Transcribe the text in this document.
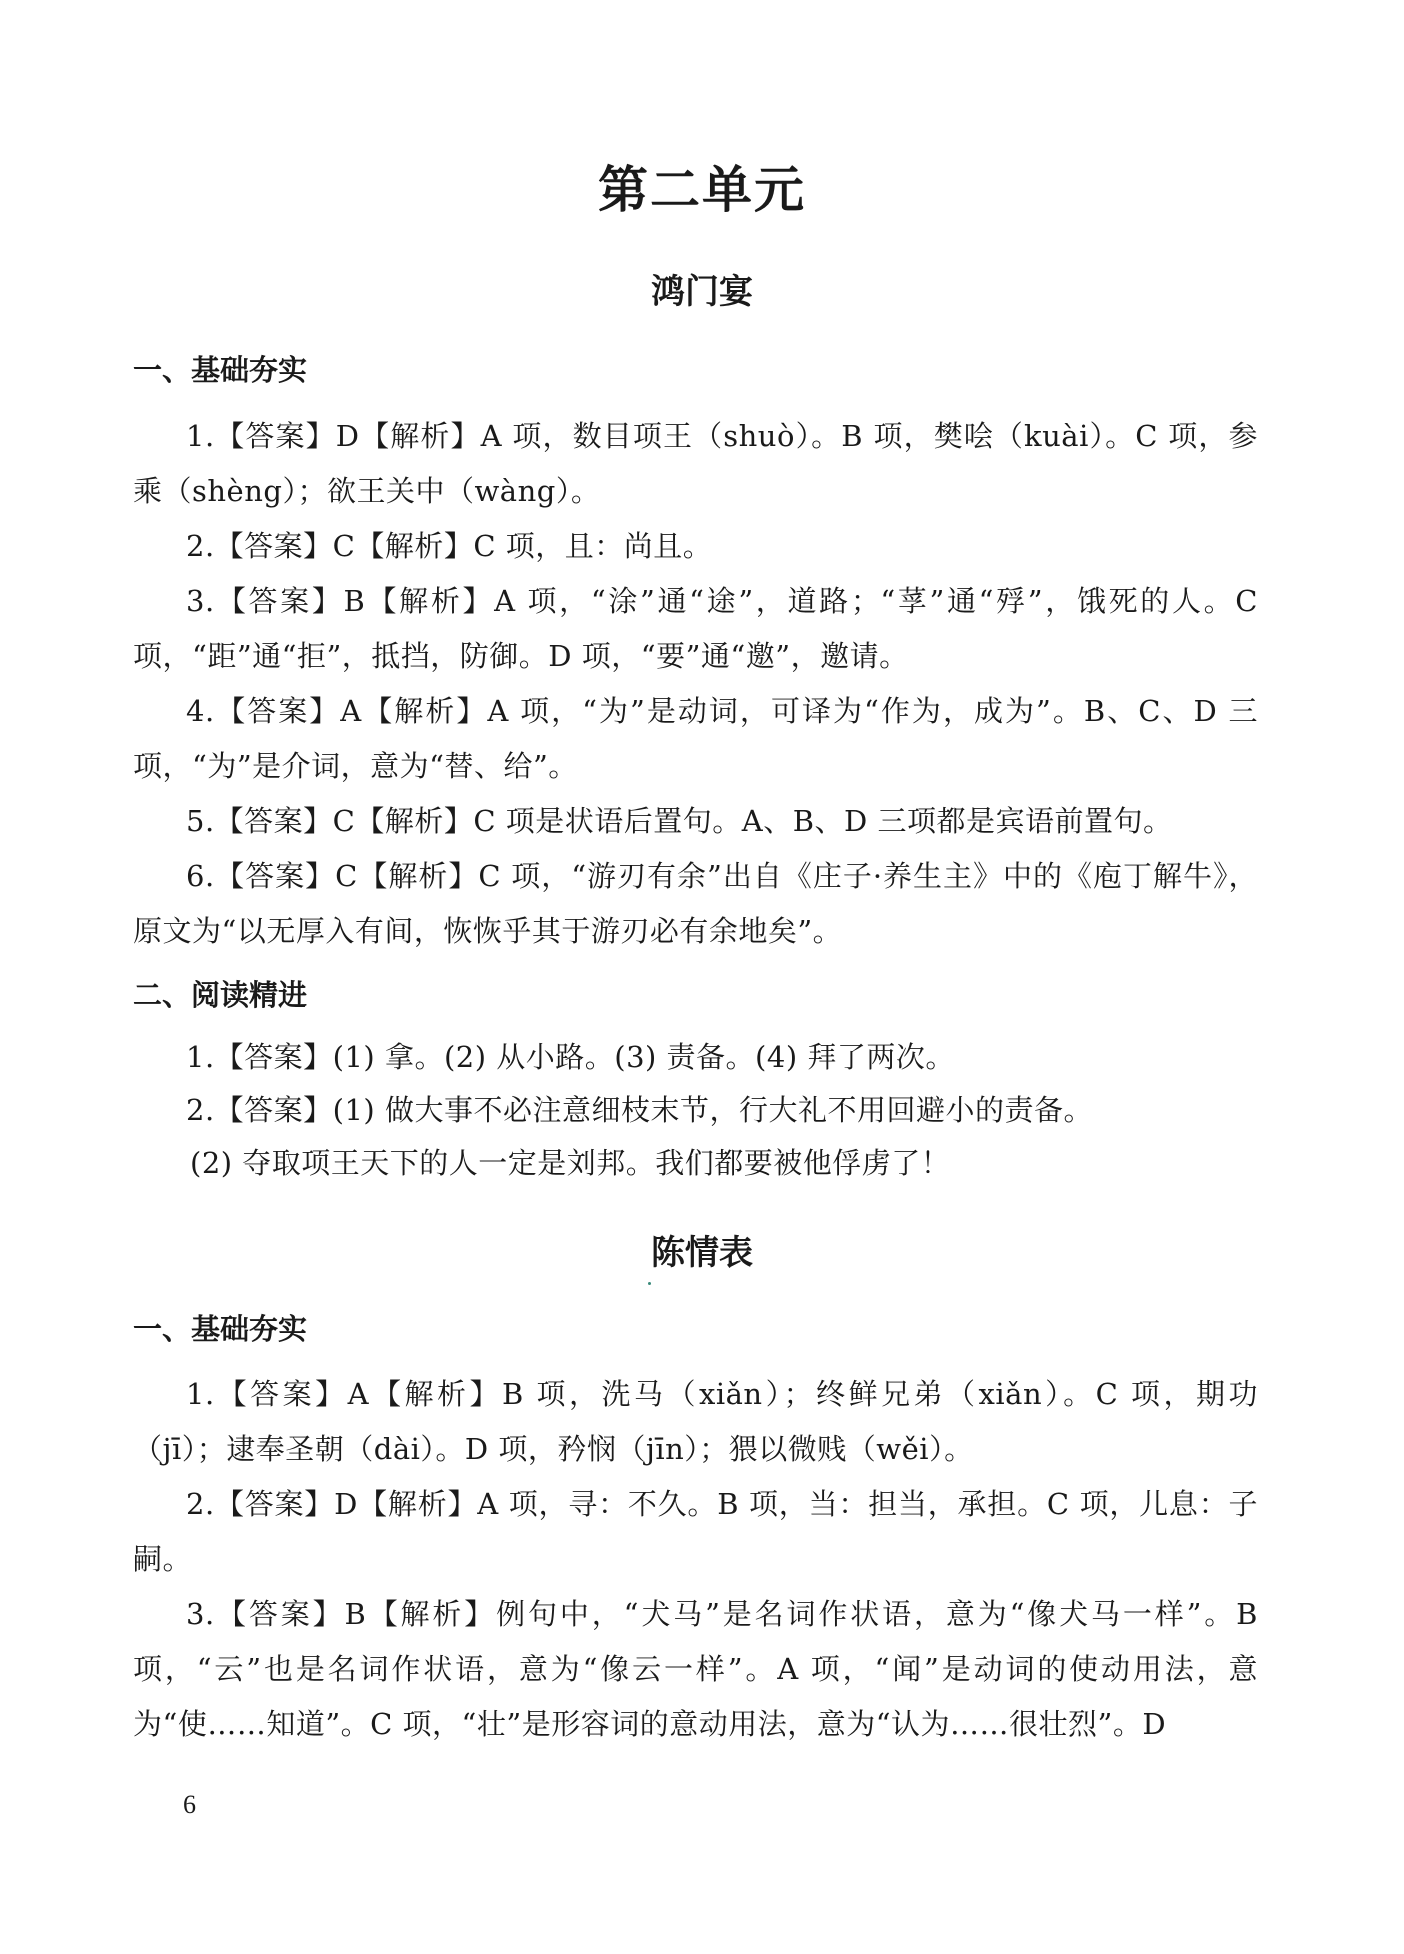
第二单元
鸿门宴
一、基础夯实
1.【答案】D【解析】A 项，数目项王（shuò）。B 项，樊哙（kuài）。C 项，参乘（shèng）；欲王关中（wàng）。
2.【答案】C【解析】C 项，且：尚且。
3.【答案】B【解析】A 项，“涂”通“途”，道路；“莩”通“殍”，饿死的人。C 项，“距”通“拒”，抵挡，防御。D 项，“要”通“邀”，邀请。
4.【答案】A【解析】A 项，“为”是动词，可译为“作为，成为”。B、C、D 三项，“为”是介词，意为“替、给”。
5.【答案】C【解析】C 项是状语后置句。A、B、D 三项都是宾语前置句。
6.【答案】C【解析】C 项，“游刃有余”出自《庄子·养生主》中的《庖丁解牛》，原文为“以无厚入有间，恢恢乎其于游刃必有余地矣”。
二、阅读精进
1.【答案】(1) 拿。(2) 从小路。(3) 责备。(4) 拜了两次。
2.【答案】(1) 做大事不必注意细枝末节，行大礼不用回避小的责备。
(2) 夺取项王天下的人一定是刘邦。我们都要被他俘虏了！
陈情表
一、基础夯实
1.【答案】A【解析】B 项，洗马（xiǎn）；终鲜兄弟（xiǎn）。C 项，期功（jī）；逮奉圣朝（dài）。D 项，矜悯（jīn）；猥以微贱（wěi）。
2.【答案】D【解析】A 项，寻：不久。B 项，当：担当，承担。C 项，儿息：子嗣。
3.【答案】B【解析】例句中，“犬马”是名词作状语，意为“像犬马一样”。B 项，“云”也是名词作状语，意为“像云一样”。A 项，“闻”是动词的使动用法，意为“使……知道”。C 项，“壮”是形容词的意动用法，意为“认为……很壮烈”。D
6
